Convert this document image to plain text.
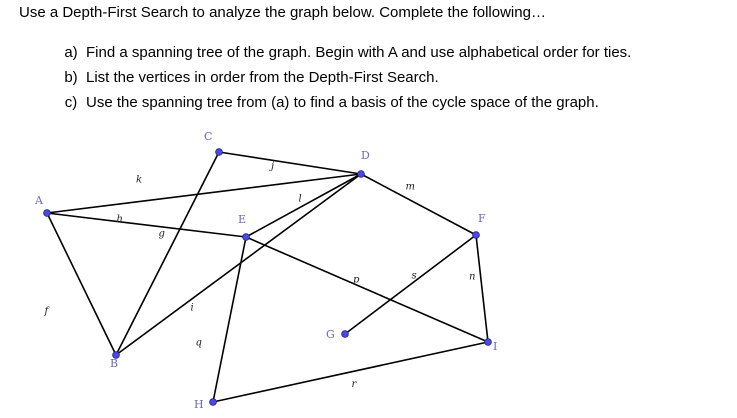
Use a Depth-First Search to analyze the graph below. Complete the following…

a) Find a spanning tree of the graph. Begin with A and use alphabetical order for ties.
b) List the vertices in order from the Depth-First Search.
c) Use the spanning tree from (a) to find a basis of the cycle space of the graph.
k
h
f
g
i
j
l
q
m
p	s	n
r
A
B
C
D
E	F
G
H
I
